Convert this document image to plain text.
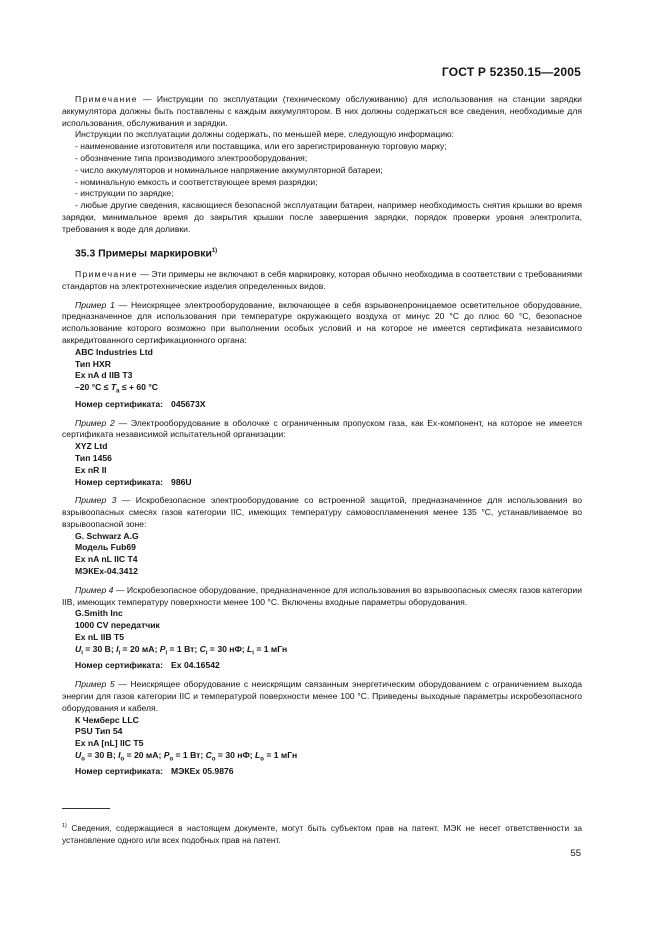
ГОСТ Р 52350.15—2005

Примечание — Инструкции по эксплуатации (техническому обслуживанию) для использования на станции зарядки аккумулятора должны быть поставлены с каждым аккумулятором. В них должны содержаться все сведения, необходимые для использования, обслуживания и зарядки.

Инструкции по эксплуатации должны содержать, по меньшей мере, следующую информацию:

- наименование изготовителя или поставщика, или его зарегистрированную торговую марку;

- обозначение типа производимого электрооборудования;

- число аккумуляторов и номинальное напряжение аккумуляторной батареи;

- номинальную емкость и соответствующее время разрядки;

- инструкции по зарядке;

- любые другие сведения, касающиеся безопасной эксплуатации батареи, например необходимость снятия крышки во время зарядки, минимальное время до закрытия крышки после завершения зарядки, порядок проверки уровня электролита, требования к воде для доливки.

35.3 Примеры маркировки$^{1)}$

Примечание — Эти примеры не включают в себя маркировку, которая обычно необходима в соответствии с требованиями стандартов на электротехнические изделия определенных видов.

Пример 1 — Неискрящее электрооборудование, включающее в себя взрывонепроницаемое осветительное оборудование, предназначенное для использования при температуре окружающего воздуха от минус 20 °C до плюс 60 °C, безопасное использование которого возможно при выполнении особых условий и на которое не имеется сертификата независимого аккредитованного сертификационного органа:

ABC Industries Ltd

Тип HXR

Ex nA d IIB T3

–20 $^\circ C \le T_a$ ≤ + 60 °C

Номер сертификата: 045673X

Пример 2 — Электрооборудование в оболочке с ограниченным пропуском газа, как Ex-компонент, на которое не имеется сертификата независимой испытательной организации:

XYZ Ltd

Тип 1456

Ex nR II

Номер сертификата: 986U

Пример 3 — Искробезопасное электрооборудование со встроенной защитой, предназначенное для использования во взрывоопасных смесях газов категории IIC, имеющих температуру самовоспламенения менее 135 °C, устанавливаемое во взрывоопасной зоне:

G. Schwarz A.G

Модель Fub69

Ex nA nL IIC T4

МЭКEx-04.3412

Пример 4 — Искробезопасное оборудование, предназначенное для использования во взрывоопасных смесях газов категории IIB, имеющих температуру поверхности менее 100 °C. Включены входные параметры оборудования.

G.Smith Inc

1000 CV передатчик

Ex nL IIB T5

$U_i = 30$ В; $I_i = 20$ мА; $P_i = 1$ Вт; $C_i = 30$ нФ; $L_i = 1$ мГн

Номер сертификата: Ex 04.16542

Пример 5 — Неискрящее оборудование с неискрящим связанным энергетическим оборудованием с ограничением выхода энергии для газов категории IIC и температурой поверхности менее 100 °C. Приведены выходные параметры искробезопасного оборудования и кабеля.

К Чемберс LLC

PSU Тип 54

Ex nA [nL] IIC T5

$U_o = 30$ В; $I_o = 20$ мА; $P_o = 1$ Вт; $C_o = 30$ нФ; $L_o = 1$ мГн

Номер сертификата: МЭКEx 05.9876

$^{1)}$ Сведения, содержащиеся в настоящем документе, могут быть субъектом прав на патент. МЭК не несет ответственности за установление одного или всех подобных прав на патент.

55
